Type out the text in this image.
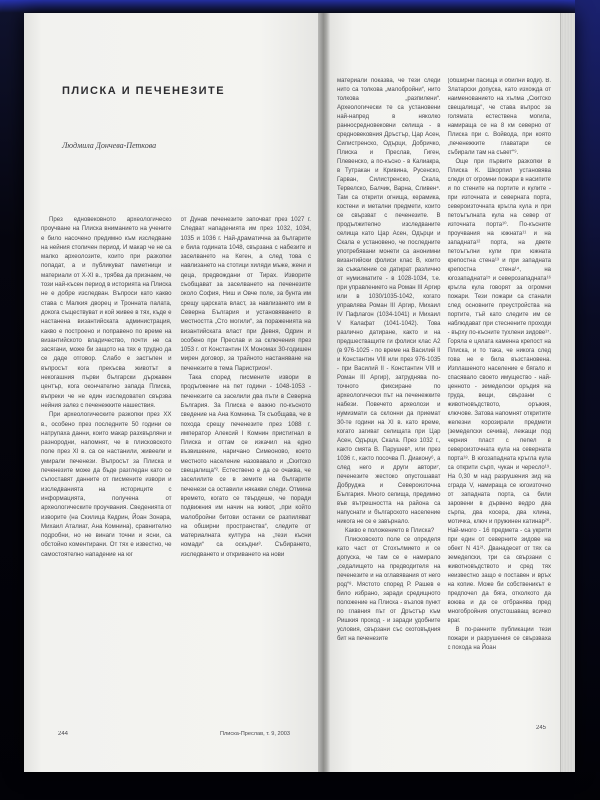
ПЛИСКА И ПЕЧЕНЕЗИТЕ
Людмила Дончева-Петкова

През едновековното археологическо проучване на Плиска вниманието на учените е било насочено предимно към изследване на нейния столичен период. И макар че не са малко археолозите, които при разкопки попадат, а и публикуват паметници и материали от X-XI в., трябва да признаем, че този най-късен период в историята на Плиска не е добре изследван. Въпроси като какво става с Малкия дворец и Тронната палата, докога съществуват и кой живее в тях, къде е настанена византийската администрация, какво е построено и поправено по време на византийското владичество, почти не са засягани, може би защото на тях е трудно да се даде отговор. Слабо е застъпен и въпросът кога прекъсва животът в некогашния първи български държавен център, кога окончателно запада Плиска, въпреки че не един изследовател свързва нейния залез с печенежките нашествия.

При археологическите разкопки през XX в., особено през последните 50 години се натрупаха данни, които макар разхвърляни и разнородни, напомнят, че в плисковското поле през XI в. са се настанили, живеели и умирали печенези. Въпросът за Плиска и печенезите може да бъде разгледан като се съпоставят данните от писмените извори и изследванията на историците с информацията, получена от археологическите проучвания. Сведенията от изворите (на Скилица Кедрин, Йоан Зонара, Михаил Аталиат, Ана Комнина), сравнително подробни, но не винаги точни и ясни, са обстойно коментирани. От тях е известно, че самостоятелно нападение на юг

от Дунав печенезите започват през 1027 г. Следват нападенията им през 1032, 1034, 1035 и 1036 г. Най-драматична за българите е била годината 1048, свързана с набезите и заселването на Кеген, а след това с навлизането на стотици хиляди мъже, жени и деца, предвождани от Тирах. Изворите съобщават за заселването на печенезите около София, Ниш и Овче поле, за бунта им срещу царската власт, за навлизането им в Северна България и установяването в местността „Сто могили“, за пораженията на византийската власт при Девня, Одрин и особено при Преслав и за сключения през 1053 г. от Константин IX Мономах 30-годишен мирен договор, за трайното настаняване на печенезите в тема Паристрион¹.

Така според писмените извори в продължение на пет години - 1048-1053 - печенезите са заселили два пъти в Северна България. За Плиска е важно по-късното сведение на Ана Комнина. Тя съобщава, че в похода срещу печенезите през 1088 г. император Алексий I Комнин пристигнал в Плиска и оттам се изкачил на едно възвишение, наричано Симеоново, което местното население назовавало и „Скитско свещалища“². Естествено е да се очаква, че заселилите се в земите на българите печенези са оставили някакви следи. Отмина времето, когато се твърдеше, че поради подвижния им начин на живот, „при който малобройни битови останки се разпиляват на обширни пространства“, следите от материалната култура на „тези късни номади“ са оскъдни³. Събирането, изследването и откриването на нови

244	Плиска-Преслав, т. 9, 2003

материали показва, че тези следи нито са толкова „малобройни“, нито толкова „разпилени“. Археологически те са установени най-напред в няколко ранносредновековни селища - в средновековния Дръстър, Цар Асен, Силистренско, Одърци, Добричко, Плиска и Преслав, Гиген, Плевенско, а по-късно - в Калиакра, в Тутракан и Кривина, Русенско, Гарван, Силистренско, Скала, Тервелско, Балчик, Варна, Сливен⁴. Там са открити огнища, керамика, костени и метални предмети, които се свързват с печенезите. В продължително изследваните селища като Цар Асен, Одърци и Скала е установено, че последните употребявани монети са анонимни византийски фолиси клас В, които за съжаление се датират различно от нумизматите - в 1028-1034, т.е. при управлението на Роман III Аргир или в 1030/1035-1042, когато управлява Роман III Аргир, Михаил IV Пафлагон (1034-1041) и Михаил V Калафат (1041-1042). Това различно датиране, както и на предшестващите ги фолиси клас А2 (в 976-1025 - по време на Василий II и Константин VIII или през 976-1035 - при Василий II - Константин VIII и Роман III Аргир), затруднява по-точното фиксиране по археологически път на печенежките набези. Повечето археолози и нумизмати са склонни да приемат 30-те години на XI в. като време, когато загиват селищата при Цар Асен, Одърци, Скала. През 1032 г., както смята В. Парушев⁵, или през 1036 г., както посочва П. Диакону⁶, а след него и други автори⁷, печенезите жестоко опустошават Добруджа и Североизточна България. Много селища, предимно във вътрешността на района са напуснати и българското население никога не се е завърнало.

Какво е положението в Плиска?

Плисковското поле се определя като част от Стохълмието и се допуска, че там се е намирало „седалището на предводителя на печенезите и на оглавявания от него род“⁸. Мястото според Р. Рашев е било избрано, заради средищното положение на Плиска - възлов пункт по главния път от Дръстър към Ришкия проход - и заради удобните условия, свързани със скотовъдния бит на печенезите

(обширни пасища и обилни води). В. Златарски допуска, като изхожда от наименованието на хълма „Скитско свещалища“, че става въпрос за голямата естествена могила, намираща се на 8 км северно от Плиска при с. Войвода, при която „печенежките главатари се събирали там на съвет“⁹.

Още при първите разкопки в Плиска К. Шкорпил установява следи от огромни пожари в насипите и по стените на портите и кулите - при източната и северната порта, североизточната кръгла кула и при петоъгълната кула на север от източната порта¹⁰. По-късните проучвания на южната¹¹ и на западната¹² порта, на двете петоъгълни кули при южната крепостна стена¹³ и при западната крепостна стена¹⁴, на югозападната¹⁵ и северозападната¹⁶ кръгла кула говорят за огромни пожари. Тези пожари са станали след основните преустройства на портите, тъй като следите им се наблюдават при стеснените проходи - върху по-късните тухлени зидове¹⁷. Горяла е цялата каменна крепост на Плиска, и то така, че никога след това не е била възстановена. Изплашеното население е бягало и спасявало своето имущество - най-ценното - земеделски оръдия на труда, вещи, свързани с животновъдството, оръжия, ключове. Затова напомнят откритите железни корозирали предмети (земеделски сечива), лежащи под черния пласт с пепел в североизточната кула на северната порта¹⁸. В югозападната кръгла кула са открити сърп, чукан и чересло¹⁹. На 0,30 м над разрушения зид на сграда V, намираща се югоизточно от западната порта, са били заровени в дървено ведро два сърпа, два косера, два клина, мотичка, ключ и пружинен катинар²⁰. Най-много - 16 предмета - са укрити при един от северните зидове на обект N 41²¹. Дванадесет от тях са земеделски, три са свързани с животновъдството и сред тях неизвестно защо е поставен и връх на копие. Може би собственикът е предпочел да бяга, отколкото да воюва и да се отбранява пред многобройния опустошаващ всичко враг.

В по-ранните публикации тези пожари и разрушения се свързваха с похода на Йоан

245
